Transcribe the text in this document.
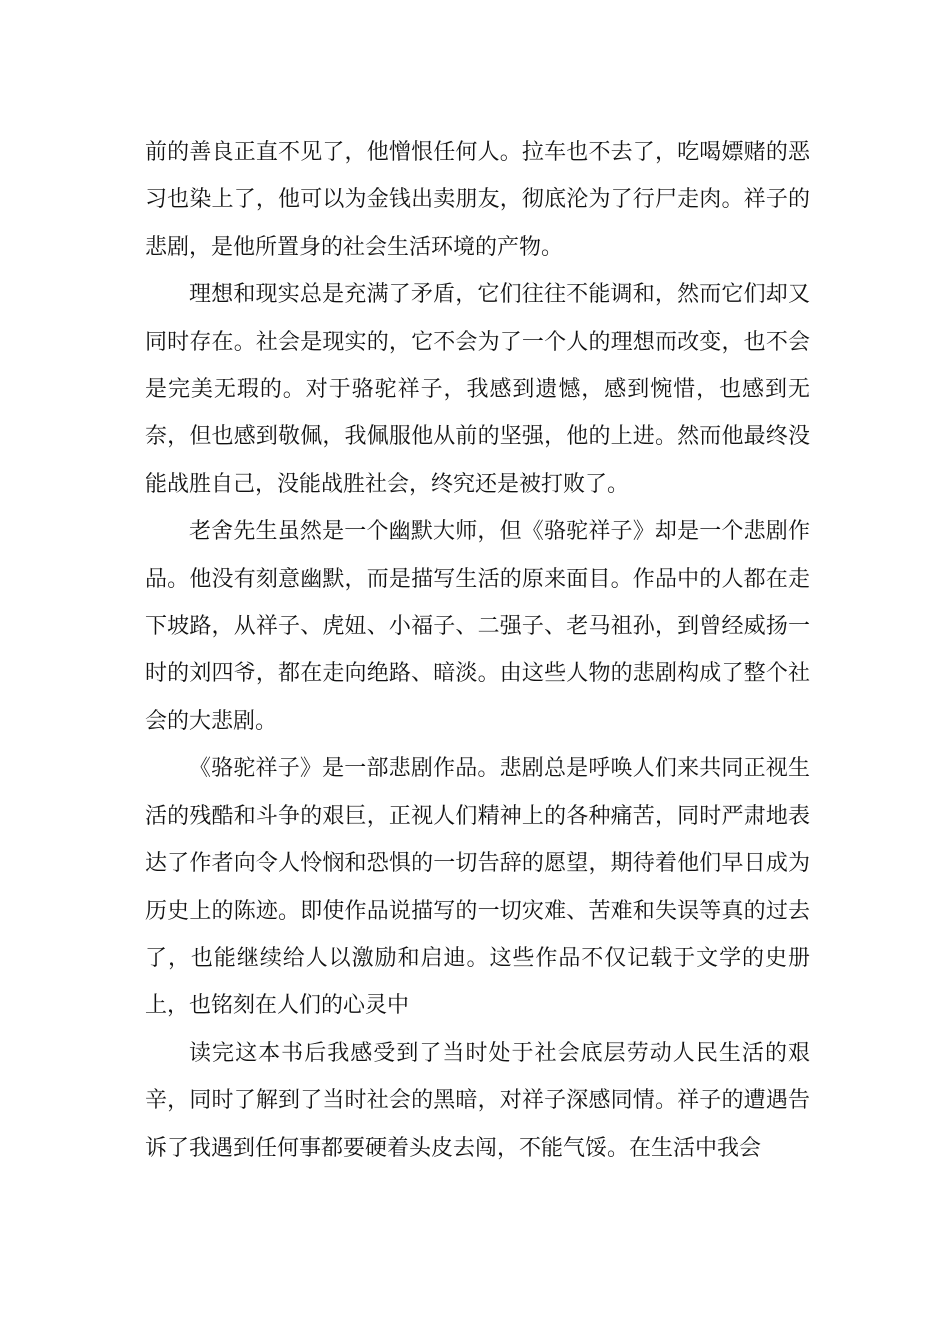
前的善良正直不见了，他憎恨任何人。拉车也不去了，吃喝嫖赌的恶习也染上了，他可以为金钱出卖朋友，彻底沦为了行尸走肉。祥子的悲剧，是他所置身的社会生活环境的产物。

理想和现实总是充满了矛盾，它们往往不能调和，然而它们却又同时存在。社会是现实的，它不会为了一个人的理想而改变，也不会是完美无瑕的。对于骆驼祥子，我感到遗憾，感到惋惜，也感到无奈，但也感到敬佩，我佩服他从前的坚强，他的上进。然而他最终没能战胜自己，没能战胜社会，终究还是被打败了。

老舍先生虽然是一个幽默大师，但《骆驼祥子》却是一个悲剧作品。他没有刻意幽默，而是描写生活的原来面目。作品中的人都在走下坡路，从祥子、虎妞、小福子、二强子、老马祖孙，到曾经威扬一时的刘四爷，都在走向绝路、暗淡。由这些人物的悲剧构成了整个社会的大悲剧。

《骆驼祥子》是一部悲剧作品。悲剧总是呼唤人们来共同正视生活的残酷和斗争的艰巨，正视人们精神上的各种痛苦，同时严肃地表达了作者向令人怜悯和恐惧的一切告辞的愿望，期待着他们早日成为历史上的陈迹。即使作品说描写的一切灾难、苦难和失误等真的过去了，也能继续给人以激励和启迪。这些作品不仅记载于文学的史册上，也铭刻在人们的心灵中

读完这本书后我感受到了当时处于社会底层劳动人民生活的艰辛，同时了解到了当时社会的黑暗，对祥子深感同情。祥子的遭遇告诉了我遇到任何事都要硬着头皮去闯，不能气馁。在生活中我会
